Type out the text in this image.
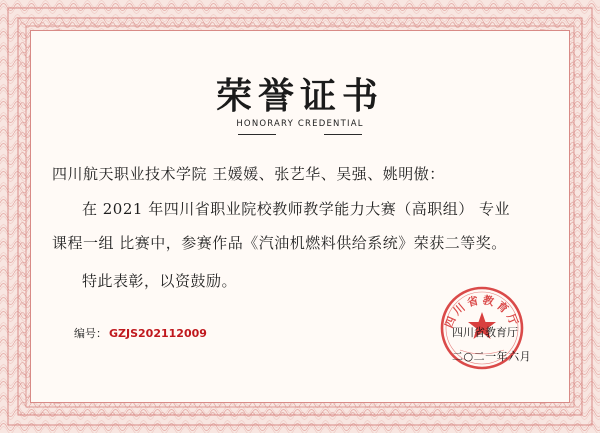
荣誉证书
HONORARY CREDENTIAL
四川航天职业技术学院 王媛媛、张艺华、吴强、姚明傲：
在 2021 年四川省职业院校教师教学能力大赛（高职组） 专业
课程一组 比赛中，参赛作品《汽油机燃料供给系统》荣获二等奖。
特此表彰，以资鼓励。
编号： GZJS202112009
四川省教育厅
四川省教育厅
二○二一年六月
